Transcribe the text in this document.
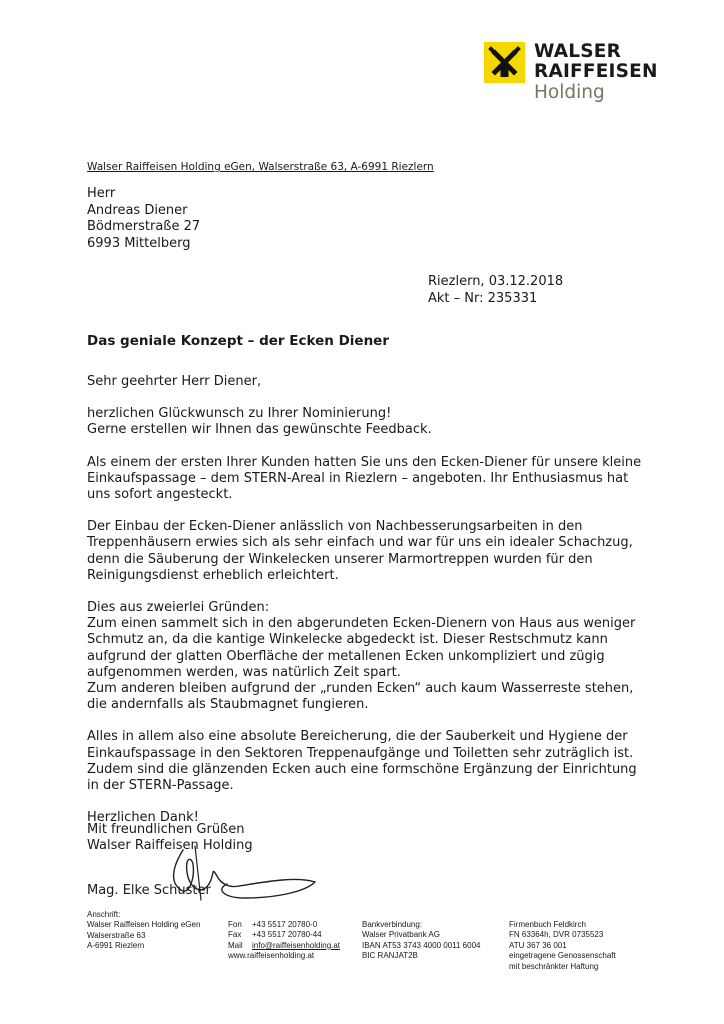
WALSER
RAIFFEISEN
Holding
Walser Raiffeisen Holding eGen, Walserstraße 63, A-6991 Riezlern
Herr
Andreas Diener
Bödmerstraße 27
6993 Mittelberg
Riezlern, 03.12.2018
Akt – Nr: 235331
Das geniale Konzept – der Ecken Diener

Sehr geehrter Herr Diener,

herzlichen Glückwunsch zu Ihrer Nominierung!
Gerne erstellen wir Ihnen das gewünschte Feedback.

Als einem der ersten Ihrer Kunden hatten Sie uns den Ecken-Diener für unsere kleine Einkaufspassage – dem STERN-Areal in Riezlern – angeboten. Ihr Enthusiasmus hat uns sofort angesteckt.

Der Einbau der Ecken-Diener anlässlich von Nachbesserungsarbeiten in den Treppenhäusern erwies sich als sehr einfach und war für uns ein idealer Schachzug, denn die Säuberung der Winkelecken unserer Marmortreppen wurden für den Reinigungsdienst erheblich erleichtert.

Dies aus zweierlei Gründen:
Zum einen sammelt sich in den abgerundeten Ecken-Dienern von Haus aus weniger Schmutz an, da die kantige Winkelecke abgedeckt ist. Dieser Restschmutz kann aufgrund der glatten Oberfläche der metallenen Ecken unkompliziert und zügig aufgenommen werden, was natürlich Zeit spart.
Zum anderen bleiben aufgrund der „runden Ecken“ auch kaum Wasserreste stehen, die andernfalls als Staubmagnet fungieren.

Alles in allem also eine absolute Bereicherung, die der Sauberkeit und Hygiene der Einkaufspassage in den Sektoren Treppenaufgänge und Toiletten sehr zuträglich ist. Zudem sind die glänzenden Ecken auch eine formschöne Ergänzung der Einrichtung in der STERN-Passage.

Herzlichen Dank!

Mit freundlichen Grüßen
Walser Raiffeisen Holding
Mag. Elke Schuster
Anschrift:
Walser Raiffeisen Holding eGen
Walserstraße 63
A-6991 Riezlern
Fon	+43 5517 20780-0
Fax	+43 5517 20780-44
Mail	info@raiffeisenholding.at
www.raiffeisenholding.at
Bankverbindung:
Walser Privatbank AG
IBAN AT53 3743 4000 0011 6004
BIC RANJAT2B
Firmenbuch Feldkirch
FN 63364h, DVR 0735523
ATU 367 36 001
eingetragene Genossenschaft
mit beschränkter Haftung
